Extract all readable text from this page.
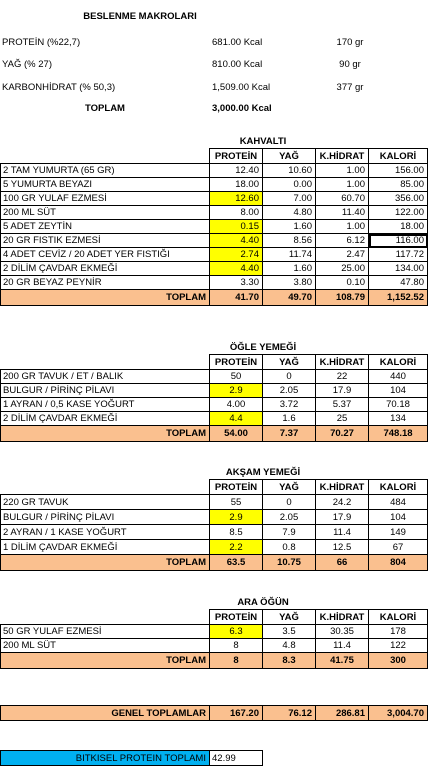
BESLENME MAKROLARI
PROTEİN (%22,7)	681.00 Kcal	170 gr
YAĞ (% 27)	810.00 Kcal	90 gr
KARBONHİDRAT (% 50,3)	1,509.00 Kcal	377 gr
TOPLAM	3,000.00 Kcal
KAHVALTI
PROTEİN	YAĞ	K.HİDRAT	KALORİ
2 TAM YUMURTA (65 GR)	12.40	10.60	1.00	156.00
5 YUMURTA BEYAZI	18.00	0.00	1.00	85.00
100 GR YULAF EZMESİ	12.60	7.00	60.70	356.00
200 ML SÜT	8.00	4.80	11.40	122.00
5 ADET ZEYTİN	0.15	1.60	1.00	18.00
20 GR FISTIK EZMESİ	4.40	8.56	6.12	116.00
4 ADET CEVİZ / 20 ADET YER FISTIĞI	2.74	11.74	2.47	117.72
2 DİLİM ÇAVDAR EKMEĞİ	4.40	1.60	25.00	134.00
20 GR BEYAZ PEYNİR	3.30	3.80	0.10	47.80
TOPLAM	41.70	49.70	108.79	1,152.52
ÖĞLE YEMEĞİ
PROTEİN	YAĞ	K.HİDRAT	KALORİ
200 GR TAVUK / ET / BALIK	50	0	22	440
BULGUR / PİRİNÇ PİLAVI	2.9	2.05	17.9	104
1 AYRAN / 0,5 KASE YOĞURT	4.00	3.72	5.37	70.18
2 DİLİM ÇAVDAR EKMEĞİ	4.4	1.6	25	134
TOPLAM	54.00	7.37	70.27	748.18
AKŞAM YEMEĞİ
PROTEİN	YAĞ	K.HİDRAT	KALORİ
220 GR TAVUK	55	0	24.2	484
BULGUR / PİRİNÇ PİLAVI	2.9	2.05	17.9	104
2 AYRAN / 1 KASE YOĞURT	8.5	7.9	11.4	149
1 DİLİM ÇAVDAR EKMEĞİ	2.2	0.8	12.5	67
TOPLAM	63.5	10.75	66	804
ARA ÖĞÜN
PROTEİN	YAĞ	K.HİDRAT	KALORİ
50 GR YULAF EZMESİ	6.3	3.5	30.35	178
200 ML SÜT	8	4.8	11.4	122
TOPLAM	8	8.3	41.75	300
GENEL TOPLAMLAR	167.20	76.12	286.81	3,004.70
BITKISEL PROTEIN TOPLAMI 42.99
